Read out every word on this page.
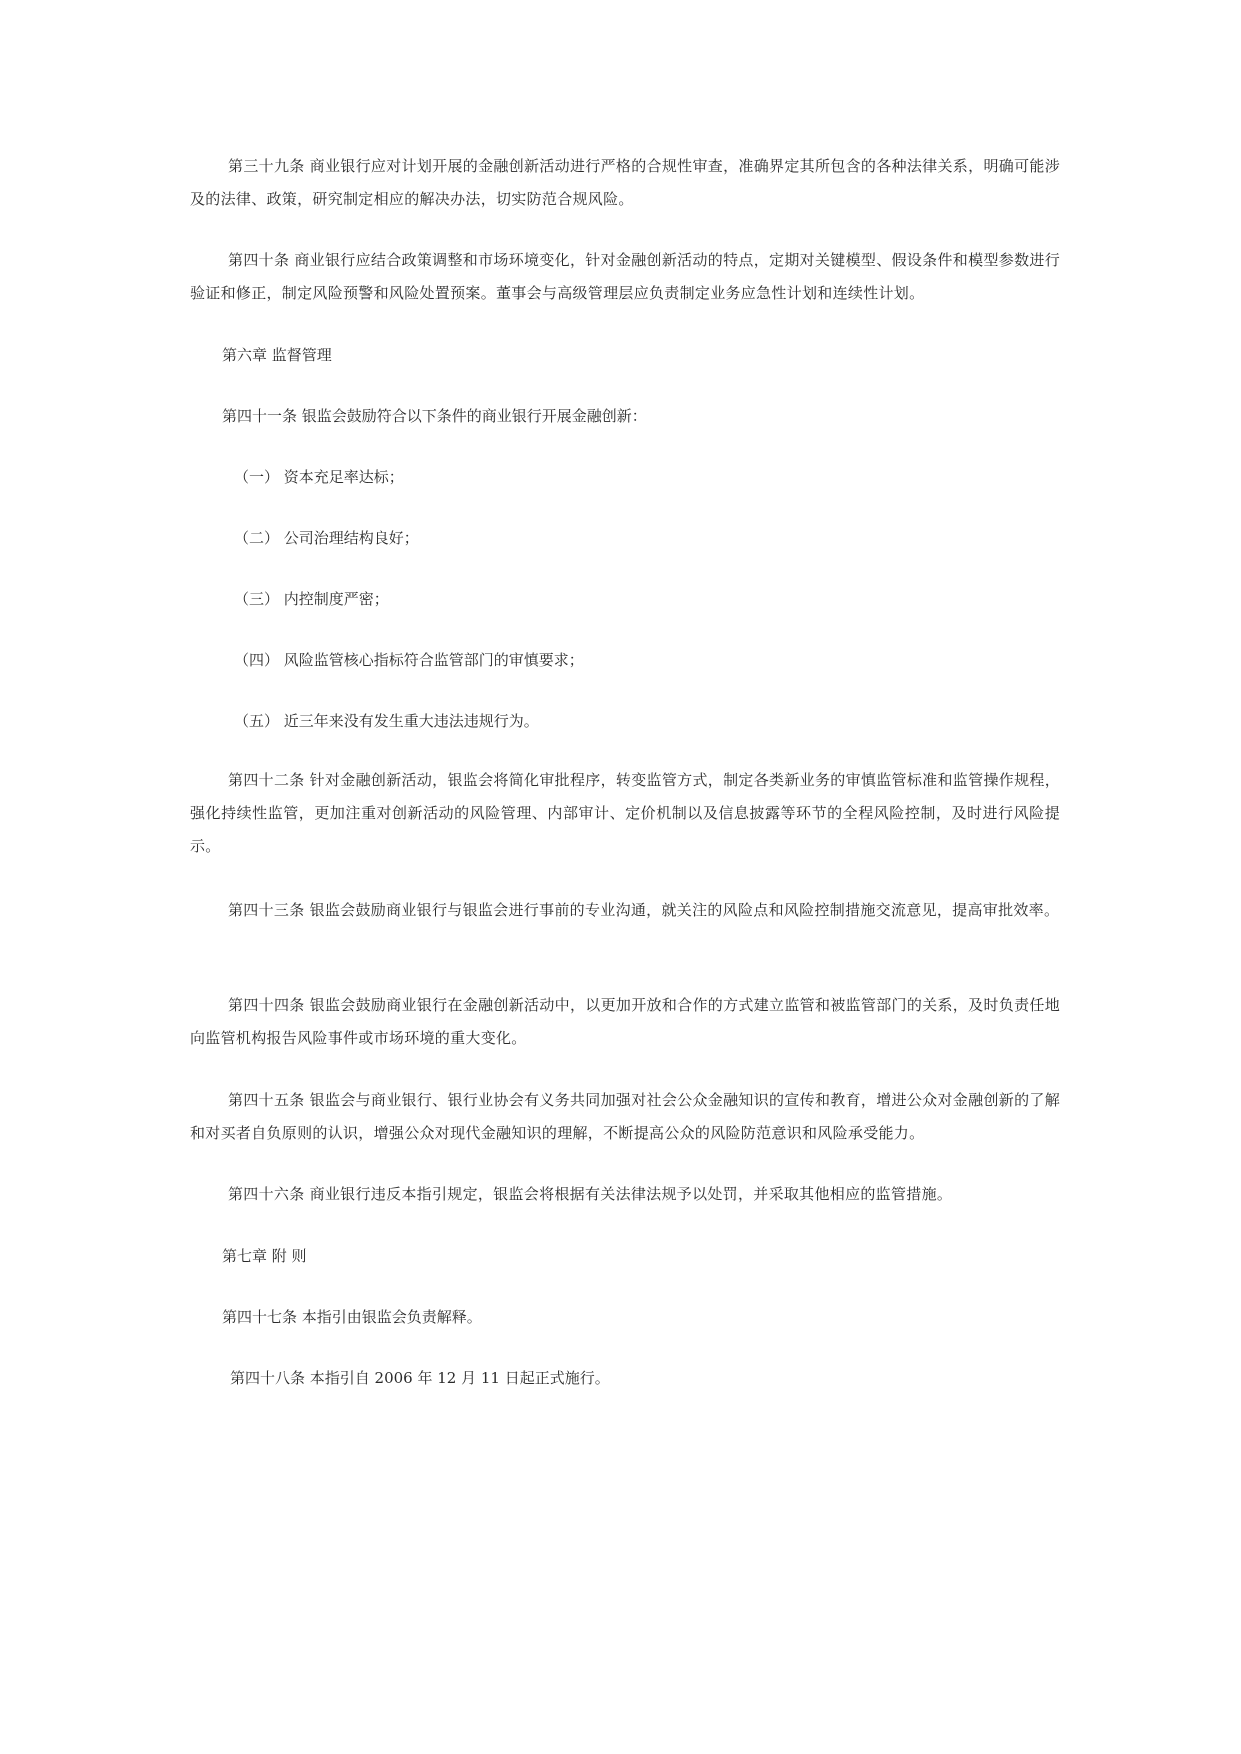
第三十九条 商业银行应对计划开展的金融创新活动进行严格的合规性审查，准确界定其所包含的各种法律关系，明确可能涉及的法律、政策，研究制定相应的解决办法，切实防范合规风险。

第四十条 商业银行应结合政策调整和市场环境变化，针对金融创新活动的特点，定期对关键模型、假设条件和模型参数进行验证和修正，制定风险预警和风险处置预案。董事会与高级管理层应负责制定业务应急性计划和连续性计划。

第六章 监督管理

第四十一条 银监会鼓励符合以下条件的商业银行开展金融创新：

（一） 资本充足率达标；

（二） 公司治理结构良好；

（三） 内控制度严密；

（四） 风险监管核心指标符合监管部门的审慎要求；

（五） 近三年来没有发生重大违法违规行为。

第四十二条 针对金融创新活动，银监会将简化审批程序，转变监管方式，制定各类新业务的审慎监管标准和监管操作规程，强化持续性监管，更加注重对创新活动的风险管理、内部审计、定价机制以及信息披露等环节的全程风险控制，及时进行风险提示。

第四十三条 银监会鼓励商业银行与银监会进行事前的专业沟通，就关注的风险点和风险控制措施交流意见，提高审批效率。

第四十四条 银监会鼓励商业银行在金融创新活动中，以更加开放和合作的方式建立监管和被监管部门的关系，及时负责任地向监管机构报告风险事件或市场环境的重大变化。

第四十五条 银监会与商业银行、银行业协会有义务共同加强对社会公众金融知识的宣传和教育，增进公众对金融创新的了解和对买者自负原则的认识，增强公众对现代金融知识的理解，不断提高公众的风险防范意识和风险承受能力。

第四十六条 商业银行违反本指引规定，银监会将根据有关法律法规予以处罚，并采取其他相应的监管措施。

第七章 附 则

第四十七条 本指引由银监会负责解释。

第四十八条 本指引自 2006 年 12 月 11 日起正式施行。
